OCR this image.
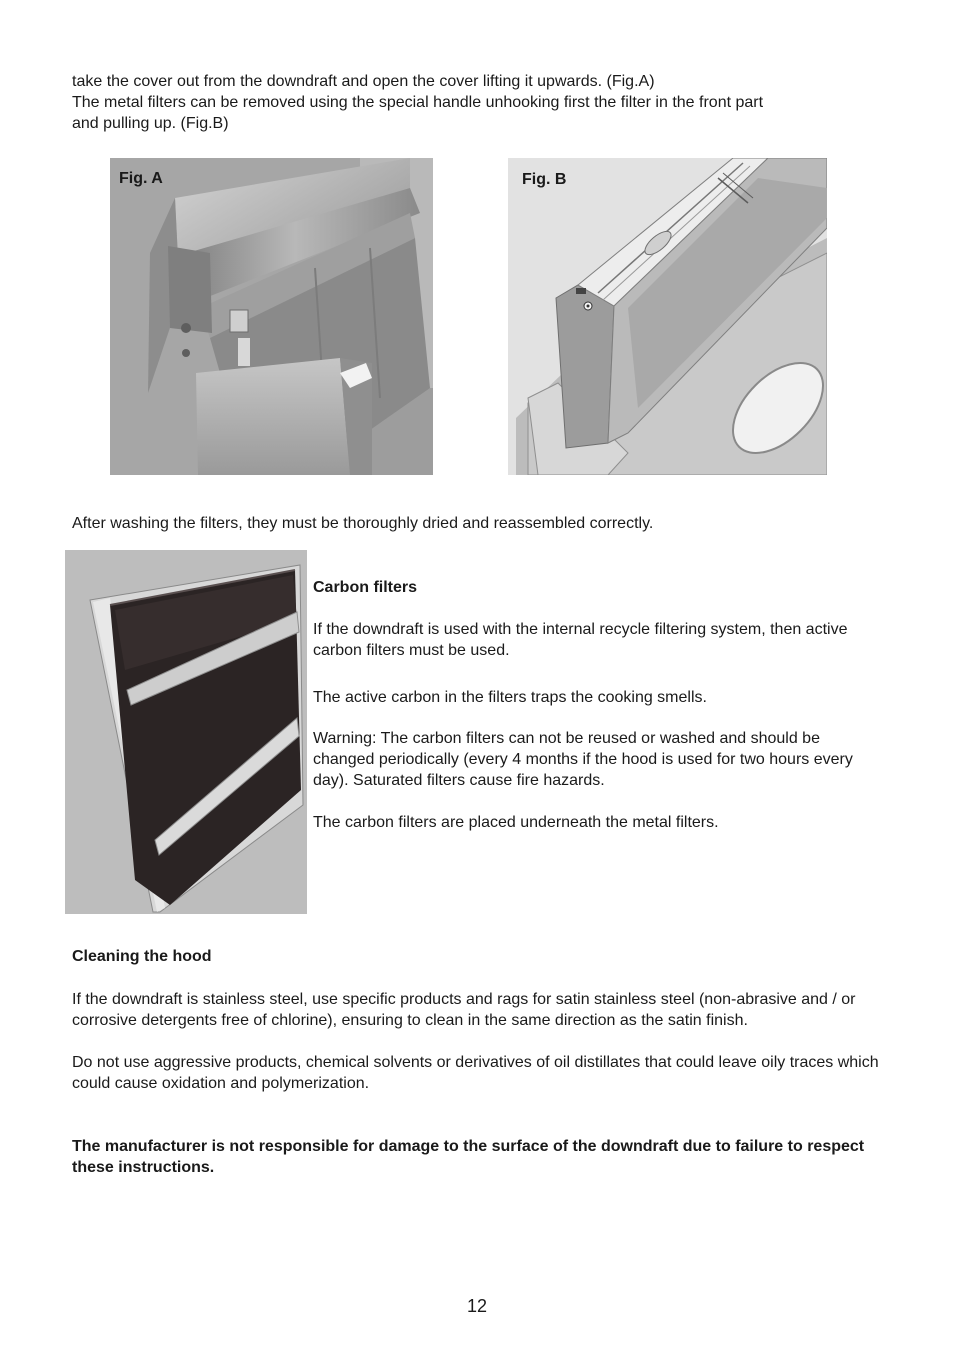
take the cover out from the downdraft and open the cover lifting it upwards. (Fig.A)

The metal filters can be removed using the special handle unhooking first the filter in the front part

and pulling up. (Fig.B)

Fig. A	Fig. B

After washing the filters, they must be thoroughly dried and reassembled correctly.

Carbon filters

If the downdraft is used with the internal recycle filtering system, then active carbon filters must be used.

The active carbon in the filters traps the cooking smells.

Warning: The carbon filters can not be reused or washed and should be changed periodically (every 4 months if the hood is used for two hours every day). Saturated filters cause fire hazards.

The carbon filters are placed underneath the metal filters.

Cleaning the hood

If the downdraft is stainless steel, use specific products and rags for satin stainless steel (non-abrasive and / or corrosive detergents free of chlorine), ensuring to clean in the same direction as the satin finish.

Do not use aggressive products, chemical solvents or derivatives of oil distillates that could leave oily traces which could cause oxidation and polymerization.

The manufacturer is not responsible for damage to the surface of the downdraft due to failure to respect these instructions.

12
